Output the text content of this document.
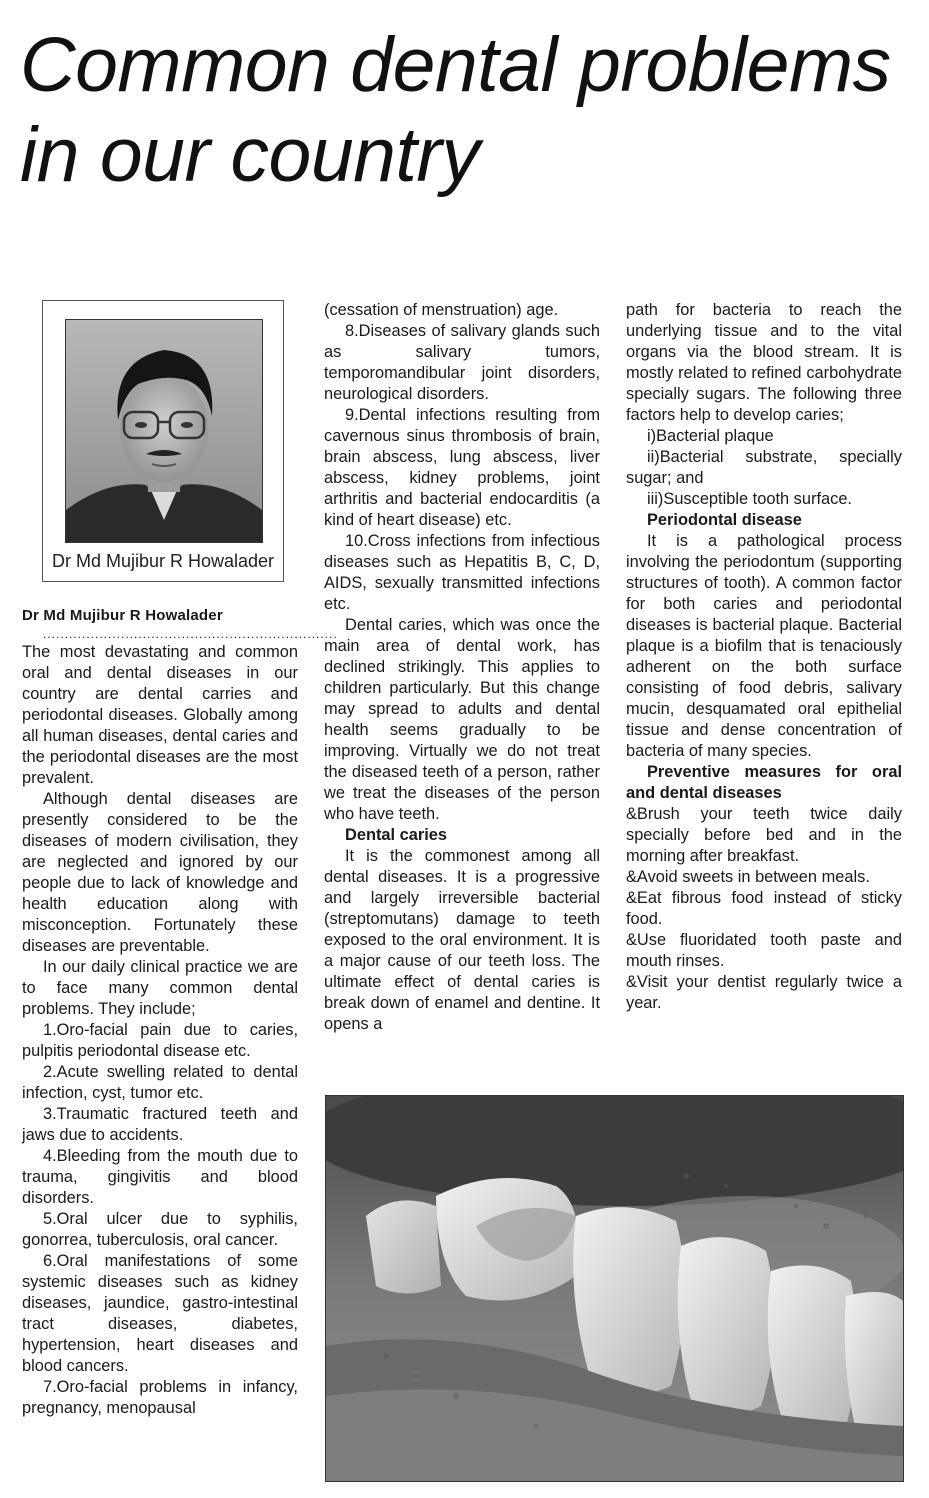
Common dental problems
in our country
Dr Md Mujibur R Howalader

Dr Md Mujibur R Howalader

....................................................................

The most devastating and common oral and dental diseases in our country are dental carries and periodontal diseases. Globally among all human diseases, dental caries and the periodontal diseases are the most prevalent.

Although dental diseases are presently considered to be the diseases of modern civilisation, they are neglected and ignored by our people due to lack of knowledge and health education along with misconception. Fortunately these diseases are preventable.

In our daily clinical practice we are to face many common dental problems. They include;

1.Oro-facial pain due to caries, pulpitis periodontal disease etc.

2.Acute swelling related to dental infection, cyst, tumor etc.

3.Traumatic fractured teeth and jaws due to accidents.

4.Bleeding from the mouth due to trauma, gingivitis and blood disorders.

5.Oral ulcer due to syphilis, gonorrea, tuberculosis, oral cancer.

6.Oral manifestations of some systemic diseases such as kidney diseases, jaundice, gastro-intestinal tract diseases, diabetes, hypertension, heart diseases and blood cancers.

7.Oro-facial problems in infancy, pregnancy, menopausal

(cessation of menstruation) age.

8.Diseases of salivary glands such as salivary tumors, temporomandibular joint disorders, neurological disorders.

9.Dental infections resulting from cavernous sinus thrombosis of brain, brain abscess, lung abscess, liver abscess, kidney problems, joint arthritis and bacterial endocarditis (a kind of heart disease) etc.

10.Cross infections from infectious diseases such as Hepatitis B, C, D, AIDS, sexually transmitted infections etc.

Dental caries, which was once the main area of dental work, has declined strikingly. This applies to children particularly. But this change may spread to adults and dental health seems gradually to be improving. Virtually we do not treat the diseased teeth of a person, rather we treat the diseases of the person who have teeth.

Dental caries

It is the commonest among all dental diseases. It is a progressive and largely irreversible bacterial (streptomutans) damage to teeth exposed to the oral environment. It is a major cause of our teeth loss. The ultimate effect of dental caries is break down of enamel and dentine. It opens a

path for bacteria to reach the underlying tissue and to the vital organs via the blood stream. It is mostly related to refined carbohydrate specially sugars. The following three factors help to develop caries;

i)Bacterial plaque

ii)Bacterial substrate, specially sugar; and

iii)Susceptible tooth surface.

Periodontal disease

It is a pathological process involving the periodontum (supporting structures of tooth). A common factor for both caries and periodontal diseases is bacterial plaque. Bacterial plaque is a biofilm that is tenaciously adherent on the both surface consisting of food debris, salivary mucin, desquamated oral epithelial tissue and dense concentration of bacteria of many species.

Preventive measures for oral and dental diseases

&Brush your teeth twice daily specially before bed and in the morning after breakfast.

&Avoid sweets in between meals.

&Eat fibrous food instead of sticky food.

&Use fluoridated tooth paste and mouth rinses.

&Visit your dentist regularly twice a year.
